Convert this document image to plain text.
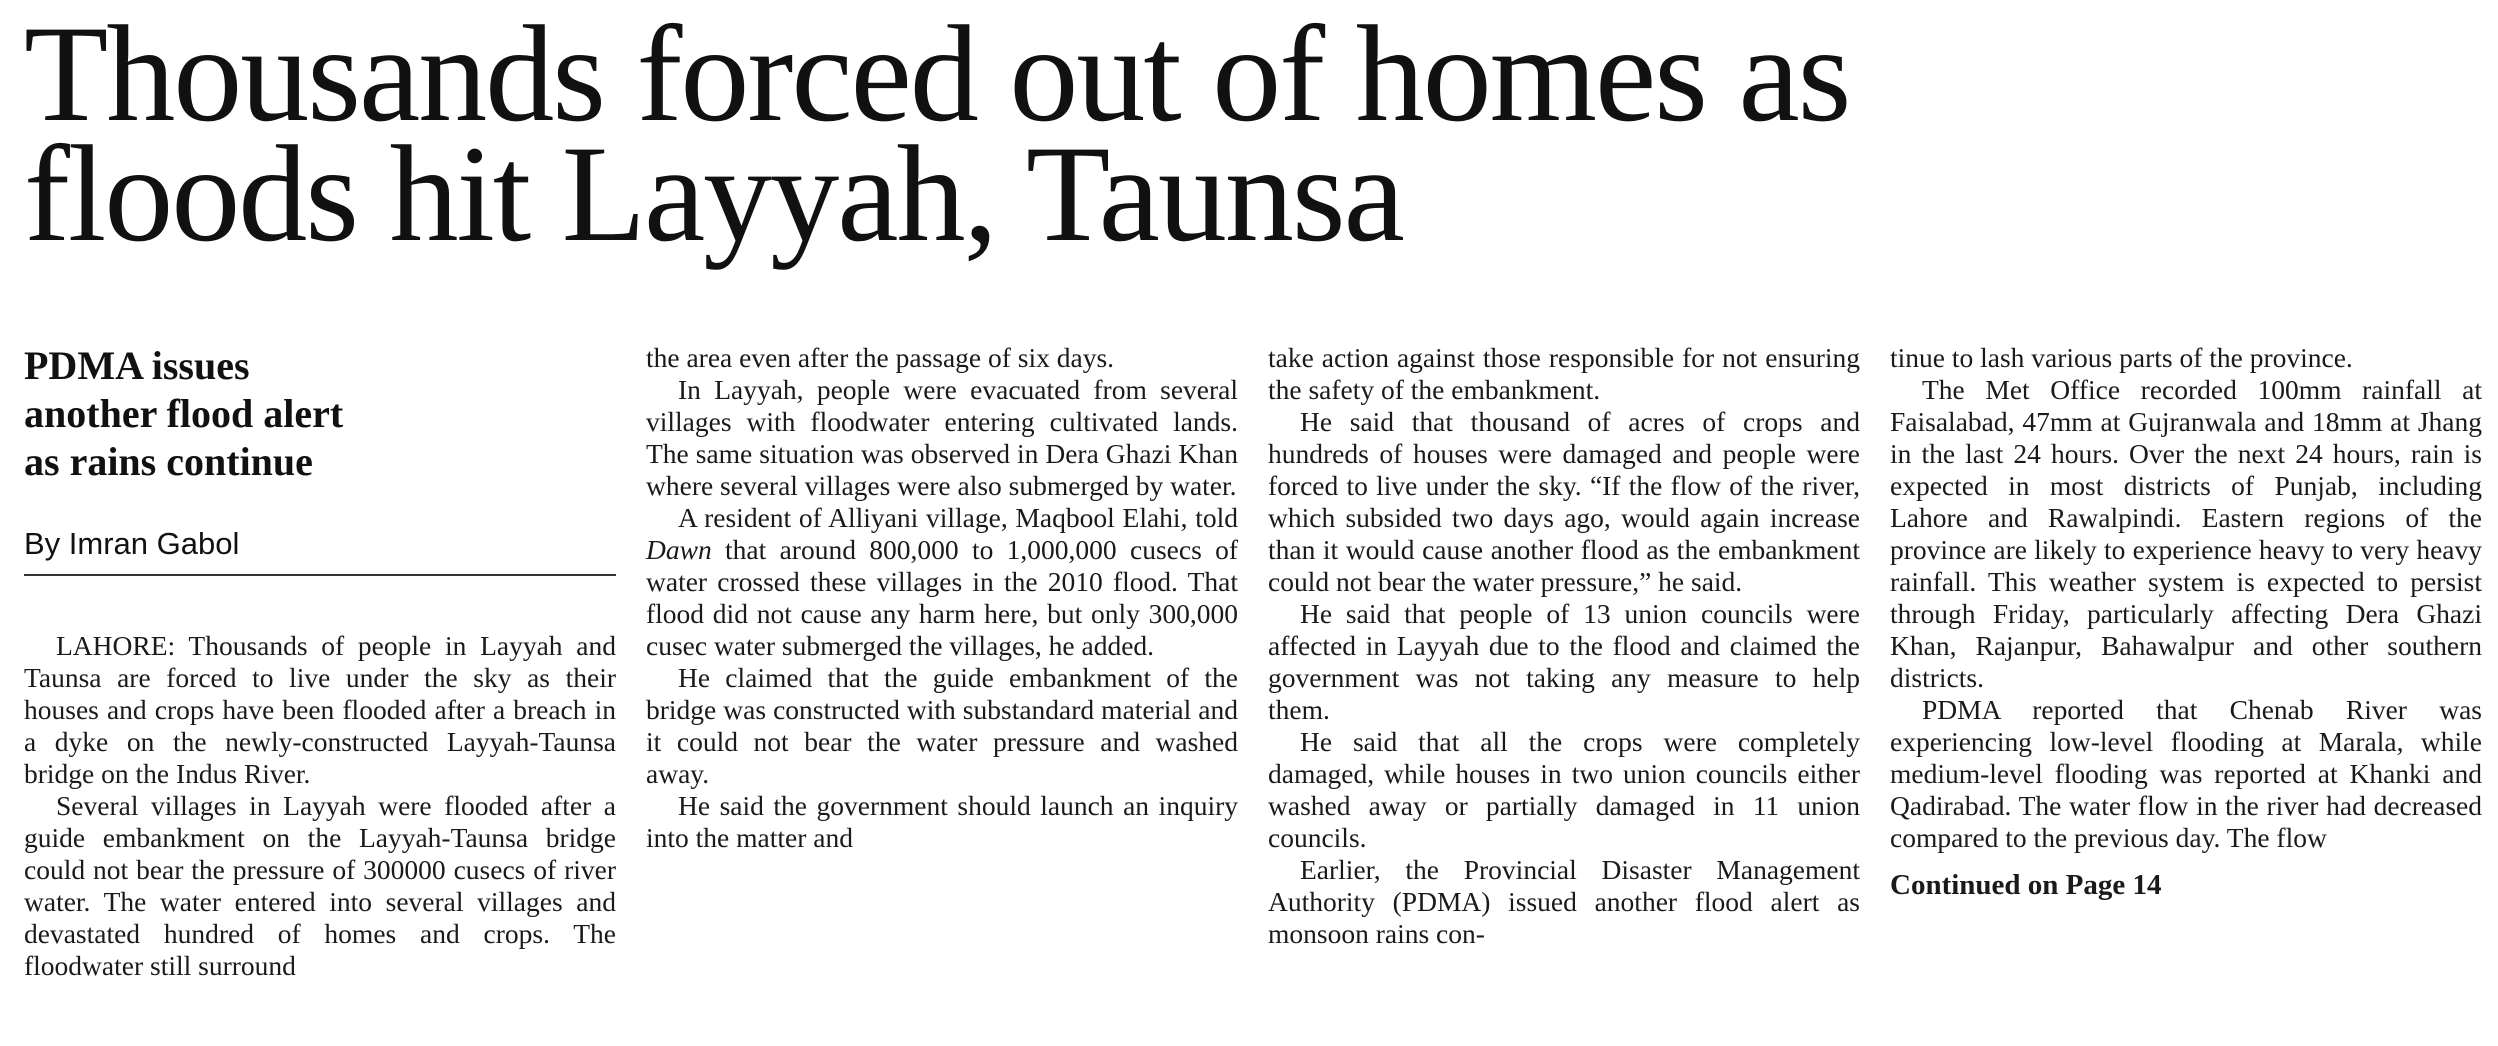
Thousands forced out of homes as
floods hit Layyah, Taunsa
PDMA issues
another flood alert
as rains continue
By Imran Gabol

LAHORE: Thousands of people in Layyah and Taunsa are forced to live under the sky as their houses and crops have been flooded after a breach in a dyke on the newly-constructed Layyah-Taunsa bridge on the Indus River.

Several villages in Layyah were flooded after a guide embankment on the Layyah-Taunsa bridge could not bear the pressure of 300000 cusecs of river water. The water entered into several villages and devastated hundred of homes and crops. The floodwater still surround

the area even after the passage of six days.

In Layyah, people were evacuated from several villages with floodwater entering cultivated lands. The same situation was observed in Dera Ghazi Khan where several villages were also submerged by water.

A resident of Alliyani village, Maqbool Elahi, told Dawn that around 800,000 to 1,000,000 cusecs of water crossed these villages in the 2010 flood. That flood did not cause any harm here, but only 300,000 cusec water submerged the villages, he added.

He claimed that the guide embankment of the bridge was constructed with substandard material and it could not bear the water pressure and washed away.

He said the government should launch an inquiry into the matter and

take action against those responsible for not ensuring the safety of the embankment.

He said that thousand of acres of crops and hundreds of houses were damaged and people were forced to live under the sky. “If the flow of the river, which subsided two days ago, would again increase than it would cause another flood as the embankment could not bear the water pressure,” he said.

He said that people of 13 union councils were affected in Layyah due to the flood and claimed the government was not taking any measure to help them.

He said that all the crops were completely damaged, while houses in two union councils either washed away or partially damaged in 11 union councils.

Earlier, the Provincial Disaster Management Authority (PDMA) issued another flood alert as monsoon rains con-

tinue to lash various parts of the province.

The Met Office recorded 100mm rainfall at Faisalabad, 47mm at Gujranwala and 18mm at Jhang in the last 24 hours. Over the next 24 hours, rain is expected in most districts of Punjab, including Lahore and Rawalpindi. Eastern regions of the province are likely to experience heavy to very heavy rainfall. This weather system is expected to persist through Friday, particularly affecting Dera Ghazi Khan, Rajanpur, Bahawalpur and other southern districts.

PDMA reported that Chenab River was experiencing low-level flooding at Marala, while medium-level flooding was reported at Khanki and Qadirabad. The water flow in the river had decreased compared to the previous day. The flow

Continued on Page 14
